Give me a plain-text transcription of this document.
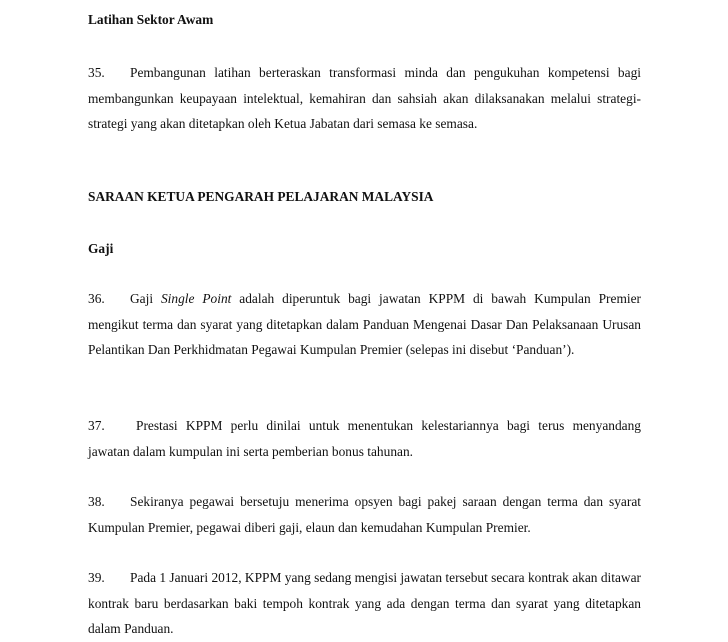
Latihan Sektor Awam
35. Pembangunan latihan berteraskan transformasi minda dan pengukuhan kompetensi bagi membangunkan keupayaan intelektual, kemahiran dan sahsiah akan dilaksanakan melalui strategi-strategi yang akan ditetapkan oleh Ketua Jabatan dari semasa ke semasa.
SARAAN KETUA PENGARAH PELAJARAN MALAYSIA
Gaji
36. Gaji Single Point adalah diperuntuk bagi jawatan KPPM di bawah Kumpulan Premier mengikut terma dan syarat yang ditetapkan dalam Panduan Mengenai Dasar Dan Pelaksanaan Urusan Pelantikan Dan Perkhidmatan Pegawai Kumpulan Premier (selepas ini disebut ‘Panduan’).
37. Prestasi KPPM perlu dinilai untuk menentukan kelestariannya bagi terus menyandang jawatan dalam kumpulan ini serta pemberian bonus tahunan.
38. Sekiranya pegawai bersetuju menerima opsyen bagi pakej saraan dengan terma dan syarat Kumpulan Premier, pegawai diberi gaji, elaun dan kemudahan Kumpulan Premier.
39. Pada 1 Januari 2012, KPPM yang sedang mengisi jawatan tersebut secara kontrak akan ditawar kontrak baru berdasarkan baki tempoh kontrak yang ada dengan terma dan syarat yang ditetapkan dalam Panduan.
